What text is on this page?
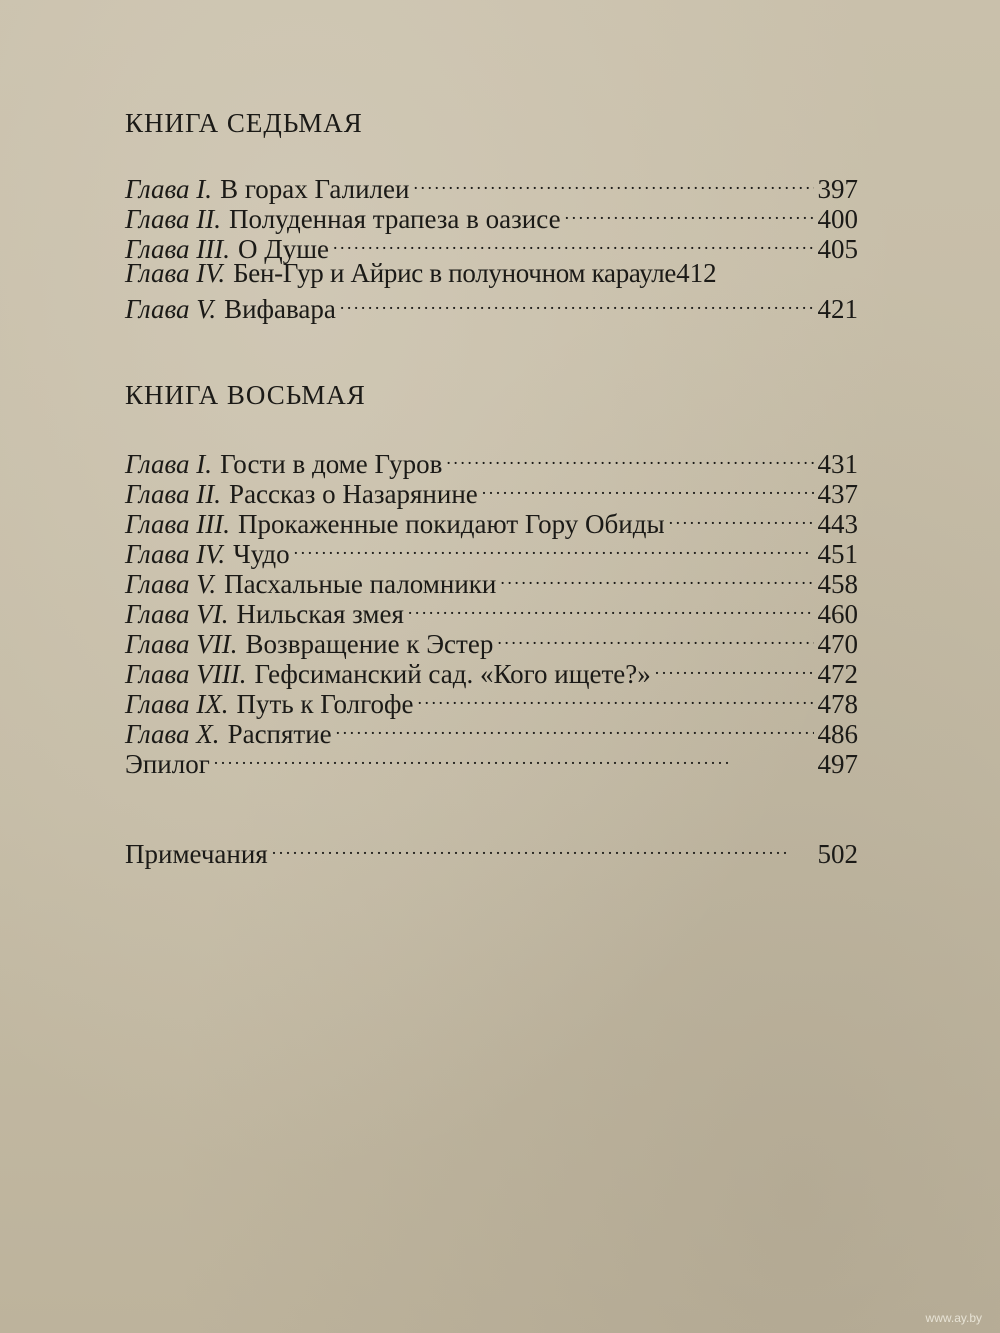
КНИГА СЕДЬМАЯ
Глава I. В горах Галилеи . . .	397
Глава II. Полуденная трапеза в оазисе . . .	400
Глава III. О Душе . . .	405
Глава IV. Бен-Гур и Айрис в полуночном карауле 412
Глава V. Вифавара . . .	421
КНИГА ВОСЬМАЯ
Глава I. Гости в доме Гуров . . .	431
Глава II. Рассказ о Назарянине . . .	437
Глава III. Прокаженные покидают Гору Обиды . . .	443
Глава IV. Чудо . . .	451
Глава V. Пасхальные паломники . . .	458
Глава VI. Нильская змея . . .	460
Глава VII. Возвращение к Эстер . . .	470
Глава VIII. Гефсиманский сад. «Кого ищете?» . . .	472
Глава IX. Путь к Голгофе . . .	478
Глава X. Распятие . . .	486
Эпилог . . .	497
Примечания . . .	502
www.ay.by
